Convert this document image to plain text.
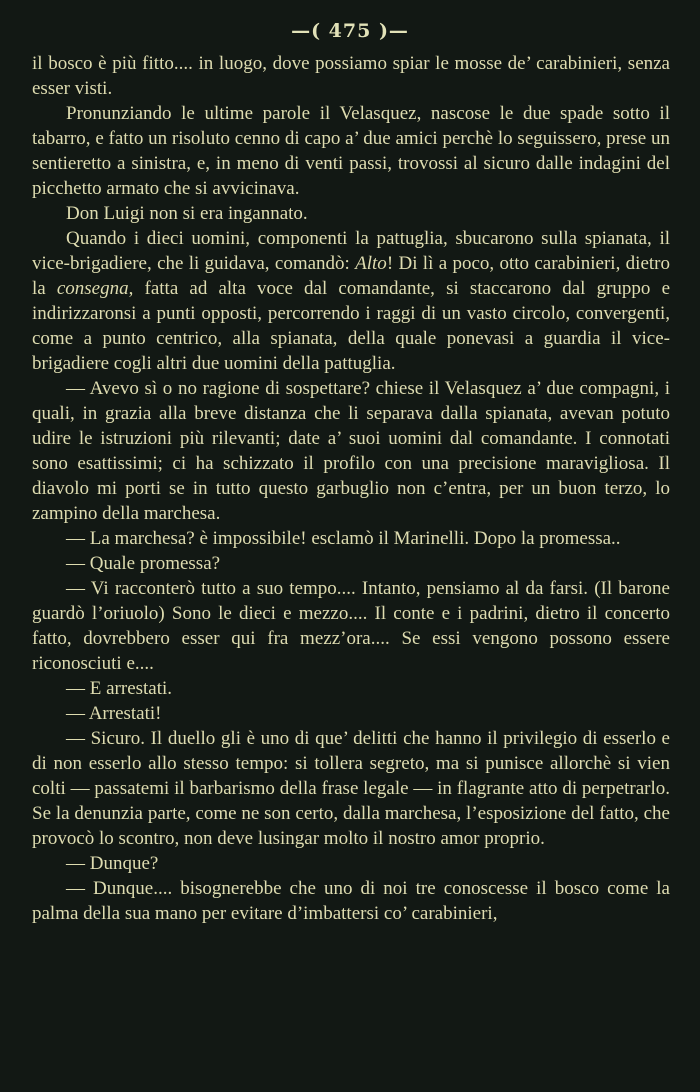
—( 475 )—

il bosco è più fitto.... in luogo, dove possiamo spiar le mosse de’ carabinieri, senza esser visti.

Pronunziando le ultime parole il Velasquez, nascose le due spade sotto il tabarro, e fatto un risoluto cenno di capo a’ due amici perchè lo seguissero, prese un sentieretto a sinistra, e, in meno di venti passi, trovossi al sicuro dalle indagini del picchetto armato che si avvicinava.

Don Luigi non si era ingannato.

Quando i dieci uomini, componenti la pattuglia, sbucarono sulla spianata, il vice-brigadiere, che li guidava, comandò: Alto! Di lì a poco, otto carabinieri, dietro la consegna, fatta ad alta voce dal comandante, si staccarono dal gruppo e indirizzaronsi a punti opposti, percorrendo i raggi di un vasto circolo, convergenti, come a punto centrico, alla spianata, della quale ponevasi a guardia il vice-brigadiere cogli altri due uomini della pattuglia.

— Avevo sì o no ragione di sospettare? chiese il Velasquez a’ due compagni, i quali, in grazia alla breve distanza che li separava dalla spianata, avevan potuto udire le istruzioni più rilevanti; date a’ suoi uomini dal comandante. I connotati sono esattissimi; ci ha schizzato il profilo con una precisione maravigliosa. Il diavolo mi porti se in tutto questo garbuglio non c’entra, per un buon terzo, lo zampino della marchesa.

— La marchesa? è impossibile! esclamò il Marinelli. Dopo la promessa..

— Quale promessa?

— Vi racconterò tutto a suo tempo.... Intanto, pensiamo al da farsi. (Il barone guardò l’oriuolo) Sono le dieci e mezzo.... Il conte e i padrini, dietro il concerto fatto, dovrebbero esser qui fra mezz’ora.... Se essi vengono possono essere riconosciuti e....

— E arrestati.

— Arrestati!

— Sicuro. Il duello gli è uno di que’ delitti che hanno il privilegio di esserlo e di non esserlo allo stesso tempo: si tollera segreto, ma si punisce allorchè si vien colti — passatemi il barbarismo della frase legale — in flagrante atto di perpetrarlo. Se la denunzia parte, come ne son certo, dalla marchesa, l’esposizione del fatto, che provocò lo scontro, non deve lusingar molto il nostro amor proprio.

— Dunque?

— Dunque.... bisognerebbe che uno di noi tre conoscesse il bosco come la palma della sua mano per evitare d’imbattersi co’ carabinieri,
